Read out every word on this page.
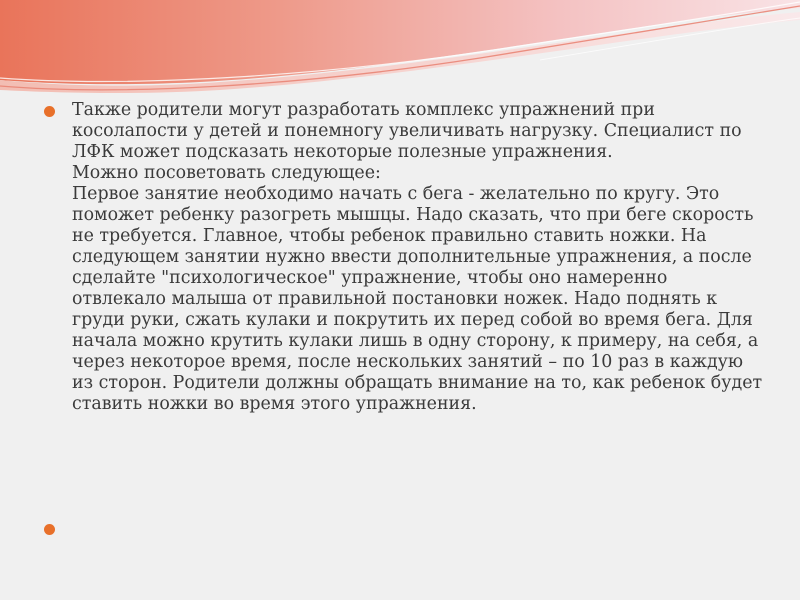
Также родители могут разработать комплекс упражнений при косолапости у детей и понемногу увеличивать нагрузку. Специалист по ЛФК может подсказать некоторые полезные упражнения.
Можно посоветовать следующее:
Первое занятие необходимо начать с бега - желательно по кругу. Это поможет ребенку разогреть мышцы. Надо сказать, что при беге скорость не требуется. Главное, чтобы ребенок правильно ставить ножки. На следующем занятии нужно ввести дополнительные упражнения, а после сделайте "психологическое" упражнение, чтобы оно намеренно отвлекало малыша от правильной постановки ножек. Надо поднять к груди руки, сжать кулаки и покрутить их перед собой во время бега. Для начала можно крутить кулаки лишь в одну сторону, к примеру, на себя, а через некоторое время, после нескольких занятий – по 10 раз в каждую из сторон. Родители должны обращать внимание на то, как ребенок будет ставить ножки во время этого упражнения.
